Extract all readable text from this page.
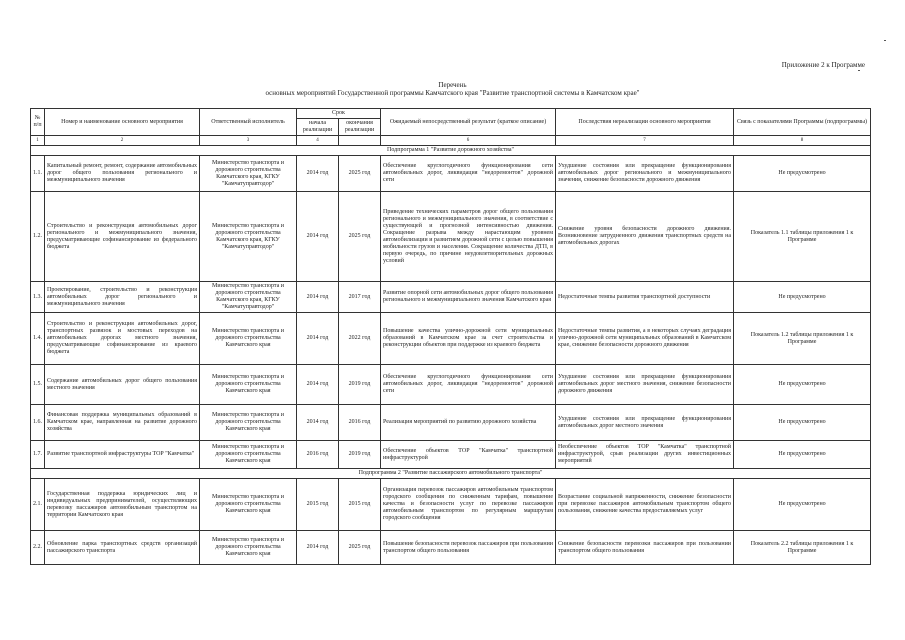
Приложение 2 к Программе
Перечень
основных мероприятий Государственной программы Камчатского края "Развитие транспортной системы в Камчатском крае"
№ п/п	Номер и наименование основного мероприятия	Ответственный исполнитель	Срок		Ожидаемый непосредственный результат (краткое описание)	Последствия нереализации основного мероприятия	Связь с показателями Программы (подпрограммы)
			начала реализации	окончания реализации			
1	2	3	4		6	7	8
Подпрограмма 1 "Развитие дорожного хозяйства"							
1.1.	Капитальный ремонт, ремонт, содержание автомобильных дорог общего пользования регионального и межмуниципального значения	Министерство транспорта и дорожного строительства Камчатского края, КГКУ "Камчатуправтодор"	2014 год	2025 год	Обеспечение круглогодичного функционирования сети автомобильных дорог, ликвидация "недоремонтов" дорожной сети	Ухудшение состояния или прекращение функционирования автомобильных дорог регионального и межмуниципального значения, снижение безопасности дорожного движения	Не предусмотрено
1.2.	Строительство и реконструкция автомобильных дорог регионального и межмуниципального значения, предусматривающие софинансирование из федерального бюджета	Министерство транспорта и дорожного строительства Камчатского края, КГКУ "Камчатуправтодор"	2014 год	2025 год	Приведение технических параметров дорог общего пользования регионального и межмуниципального значения, в соответствие с существующей и прогнозной интенсивностью движения. Сокращение разрыва между нарастающим уровнем автомобилизации и развитием дорожной сети с целью повышения мобильности грузов и населения. Сокращение количества ДТП, в первую очередь, по причине неудовлетворительных дорожных условий	Снижение уровня безопасности дорожного движения. Возникновение затрудненного движения транспортных средств на автомобильных дорогах	Показатель 1.1 таблицы приложения 1 к Программе
1.3.	Проектирование, строительство и реконструкция автомобильных дорог регионального и межмуниципального значения	Министерство транспорта и дорожного строительства Камчатского края, КГКУ "Камчатуправтодор"	2014 год	2017 год	Развитие опорной сети автомобильных дорог общего пользования регионального и межмуниципального значения Камчатского края	Недостаточные темпы развития транспортной доступности	Не предусмотрено
1.4.	Строительство и реконструкция автомобильных дорог, транспортных развязок и мостовых переходов на автомобильных дорогах местного значения, предусматривающие софинансирование из краевого бюджета	Министерство транспорта и дорожного строительства Камчатского края	2014 год	2022 год	Повышение качества улично-дорожной сети муниципальных образований в Камчатском крае за счет строительства и реконструкции объектов при поддержке из краевого бюджета	Недостаточные темпы развития, а в некоторых случаях деградация улично-дорожной сети муниципальных образований в Камчатском крае, снижение безопасности дорожного движения	Показатель 1.2 таблицы приложения 1 к Программе
1.5.	Содержание автомобильных дорог общего пользования местного значения	Министерство транспорта и дорожного строительства Камчатского края	2014 год	2019 год	Обеспечение круглогодичного функционирования сети автомобильных дорог, ликвидация "недоремонтов" дорожной сети	Ухудшение состояния или прекращение функционирования автомобильных дорог местного значения, снижение безопасности дорожного движения	Не предусмотрено
1.6.	Финансовая поддержка муниципальных образований в Камчатском крае, направленная на развитие дорожного хозяйства	Министерство транспорта и дорожного строительства Камчатского края	2014 год	2016 год	Реализация мероприятий по развитию дорожного хозяйства	Ухудшение состояния или прекращение функционирования автомобильных дорог местного значения	Не предусмотрено
1.7.	Развитие транспортной инфраструктуры ТОР "Камчатка"	Министерство транспорта и дорожного строительства Камчатского края	2016 год	2019 год	Обеспечение объектов ТОР "Камчатка" транспортной инфраструктурой	Необеспечение объектов ТОР "Камчатка" транспортной инфраструктурой, срыв реализации других инвестиционных мероприятий	Не предусмотрено
Подпрограмма 2 "Развитие пассажирского автомобильного транспорта"							
2.1.	Государственная поддержка юридических лиц и индивидуальных предпринимателей, осуществляющих перевозку пассажиров автомобильным транспортом на территории Камчатского края	Министерство транспорта и дорожного строительства Камчатского края	2015 год	2015 год	Организация перевозок пассажиров автомобильным транспортом городского сообщения по сниженным тарифам, повышение качества и безопасности услуг по перевозке пассажиров автомобильным транспортом по регулярным маршрутам городского сообщения	Возрастание социальной напряженности, снижение безопасности при перевозке пассажиров автомобильным транспортом общего пользования, снижение качества предоставляемых услуг	Не предусмотрено
2.2.	Обновление парка транспортных средств организаций пассажирского транспорта	Министерство транспорта и дорожного строительства Камчатского края	2014 год	2025 год	Повышение безопасности перевозок пассажиров при пользовании транспортом общего пользования	Снижение безопасности перевозки пассажиров при пользовании транспортом общего пользования	Показатель 2.2 таблицы приложения 1 к Программе
